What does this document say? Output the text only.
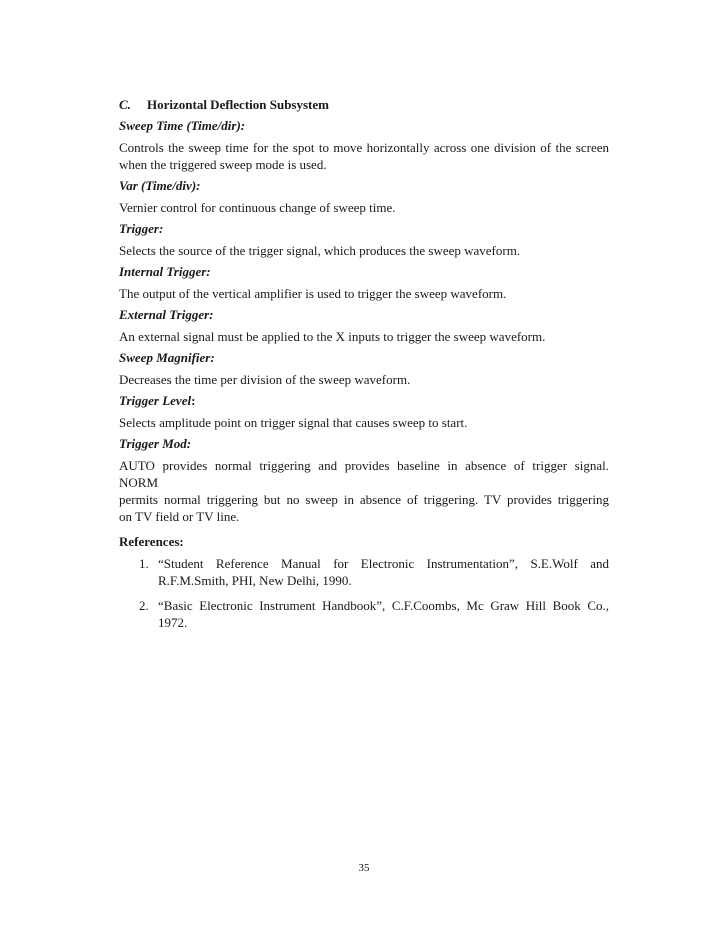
C. Horizontal Deflection Subsystem
Sweep Time (Time/dir):
Controls the sweep time for the spot to move horizontally across one division of the screen
when the triggered sweep mode is used.
Var (Time/div):
Vernier control for continuous change of sweep time.
Trigger:
Selects the source of the trigger signal, which produces the sweep waveform.
Internal Trigger:
The output of the vertical amplifier is used to trigger the sweep waveform.
External Trigger:
An external signal must be applied to the X inputs to trigger the sweep waveform.
Sweep Magnifier:
Decreases the time per division of the sweep waveform.
Trigger Level:
Selects amplitude point on trigger signal that causes sweep to start.
Trigger Mod:
AUTO provides normal triggering and provides baseline in absence of trigger signal.
NORM
permits normal triggering but no sweep in absence of triggering. TV provides triggering
on TV field or TV line.
References:
1. “Student Reference Manual for Electronic Instrumentation”, S.E.Wolf and
R.F.M.Smith, PHI, New Delhi, 1990.
2. “Basic Electronic Instrument Handbook”, C.F.Coombs, Mc Graw Hill Book Co.,
1972.
35
